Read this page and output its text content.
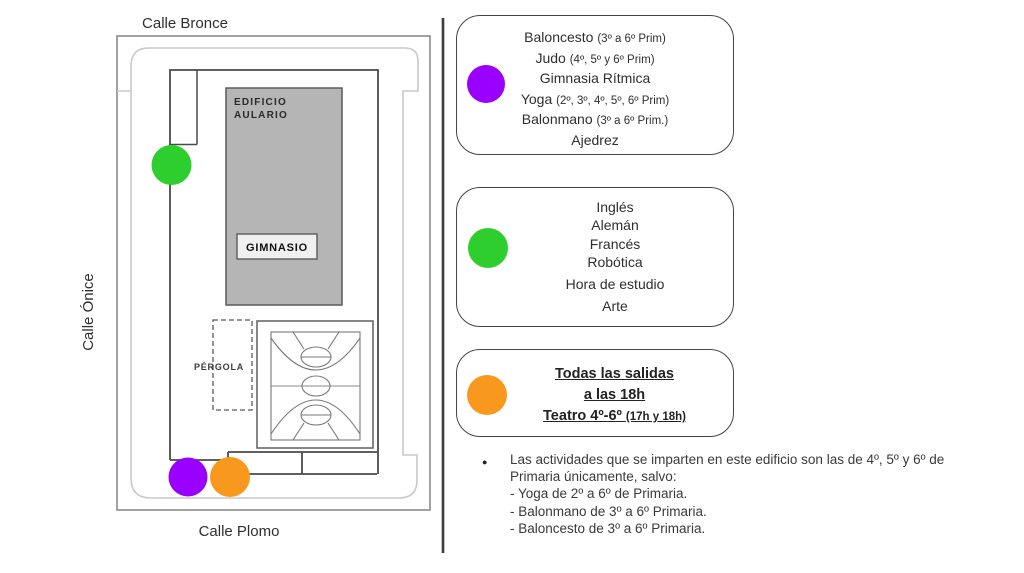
EDIFICIO
AULARIO
GIMNASIO
PÉRGOLA
Calle Bronce
Calle Ónice
Calle Plomo
Baloncesto (3º a 6º Prim)
Judo (4º, 5º y 6º Prim)
Gimnasia Rítmica
Yoga (2º, 3º, 4º, 5º, 6º Prim)
Balonmano (3º a 6º Prim.)
Ajedrez
Inglés
Alemán
Francés
Robótica
Hora de estudio
Arte
Todas las salidas
a las 18h
Teatro 4º-6º (17h y 18h)
● Las actividades que se imparten en este edificio son las de 4º, 5º y 6º de
Primaria únicamente, salvo:
- Yoga de 2º a 6º de Primaria.
- Balonmano de 3º a 6º Primaria.
- Baloncesto de 3º a 6º Primaria.
